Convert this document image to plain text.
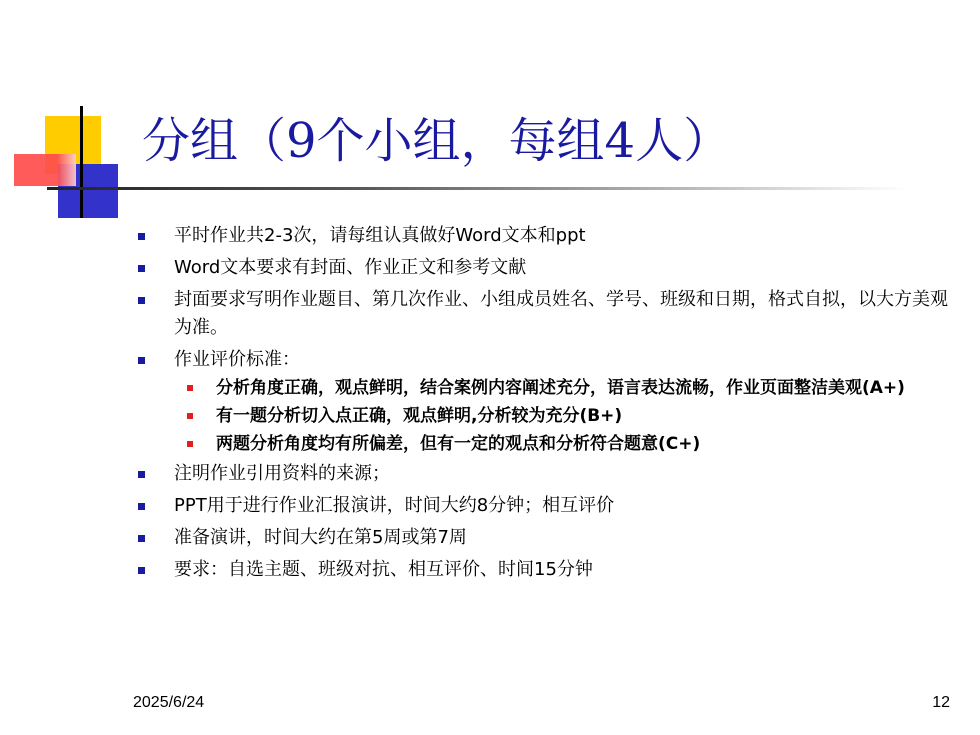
分组（9个小组，每组4人）
平时作业共2-3次，请每组认真做好Word文本和ppt
Word文本要求有封面、作业正文和参考文献
封面要求写明作业题目、第几次作业、小组成员姓名、学号、班级和日期，格式自拟，以大方美观为准。
作业评价标准：
分析角度正确，观点鲜明，结合案例内容阐述充分，语言表达流畅，作业页面整洁美观(A+)
有一题分析切入点正确，观点鲜明,分析较为充分(B+)
两题分析角度均有所偏差，但有一定的观点和分析符合题意(C+)
注明作业引用资料的来源；
PPT用于进行作业汇报演讲，时间大约8分钟；相互评价
准备演讲，时间大约在第5周或第7周
要求：自选主题、班级对抗、相互评价、时间15分钟
2025/6/24	12
